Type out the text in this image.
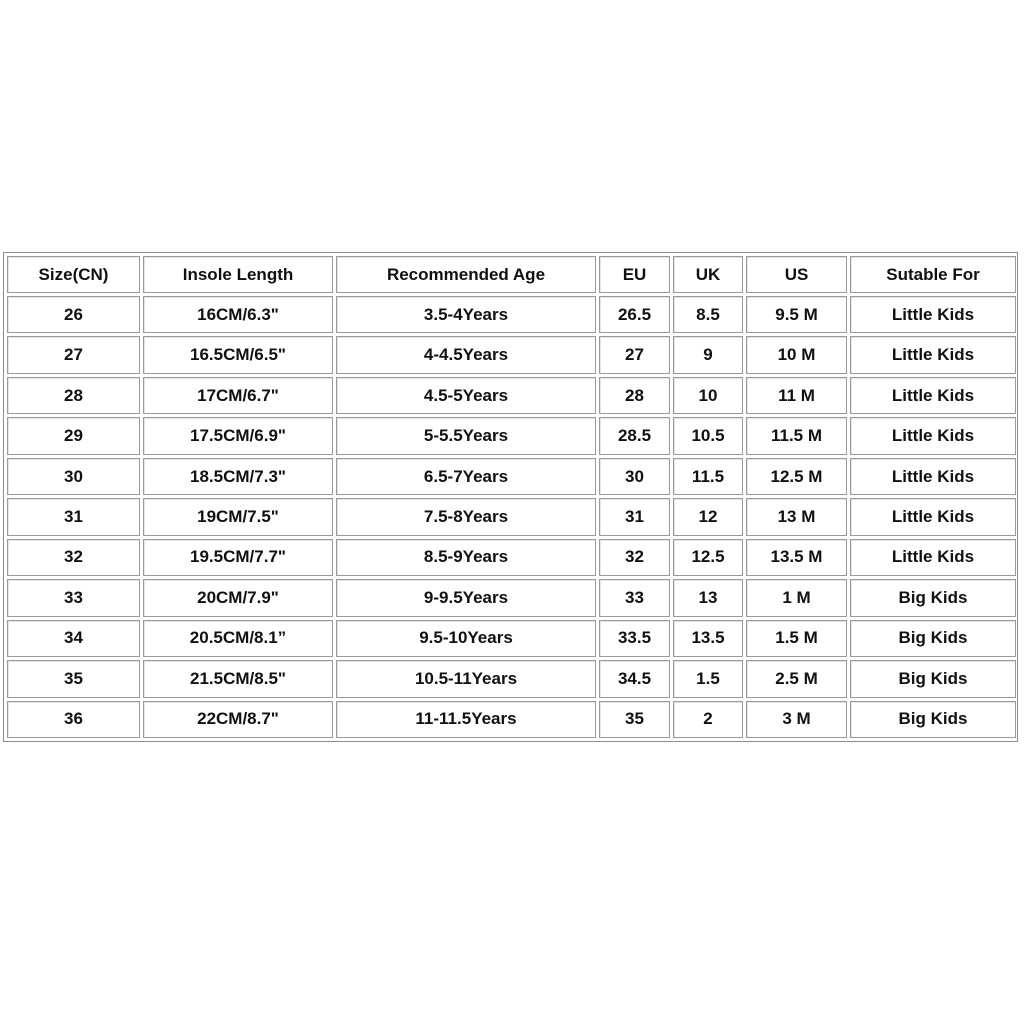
Size(CN)	Insole Length	Recommended Age	EU	UK	US	Sutable For
26	16CM/6.3"	3.5-4Years	26.5	8.5	9.5 M	Little Kids
27	16.5CM/6.5"	4-4.5Years	27	9	10 M	Little Kids
28	17CM/6.7"	4.5-5Years	28	10	11 M	Little Kids
29	17.5CM/6.9"	5-5.5Years	28.5	10.5	11.5 M	Little Kids
30	18.5CM/7.3"	6.5-7Years	30	11.5	12.5 M	Little Kids
31	19CM/7.5"	7.5-8Years	31	12	13 M	Little Kids
32	19.5CM/7.7"	8.5-9Years	32	12.5	13.5 M	Little Kids
33	20CM/7.9"	9-9.5Years	33	13	1 M	Big Kids
34	20.5CM/8.1”	9.5-10Years	33.5	13.5	1.5 M	Big Kids
35	21.5CM/8.5"	10.5-11Years	34.5	1.5	2.5 M	Big Kids
36	22CM/8.7"	11-11.5Years	35	2	3 M	Big Kids
